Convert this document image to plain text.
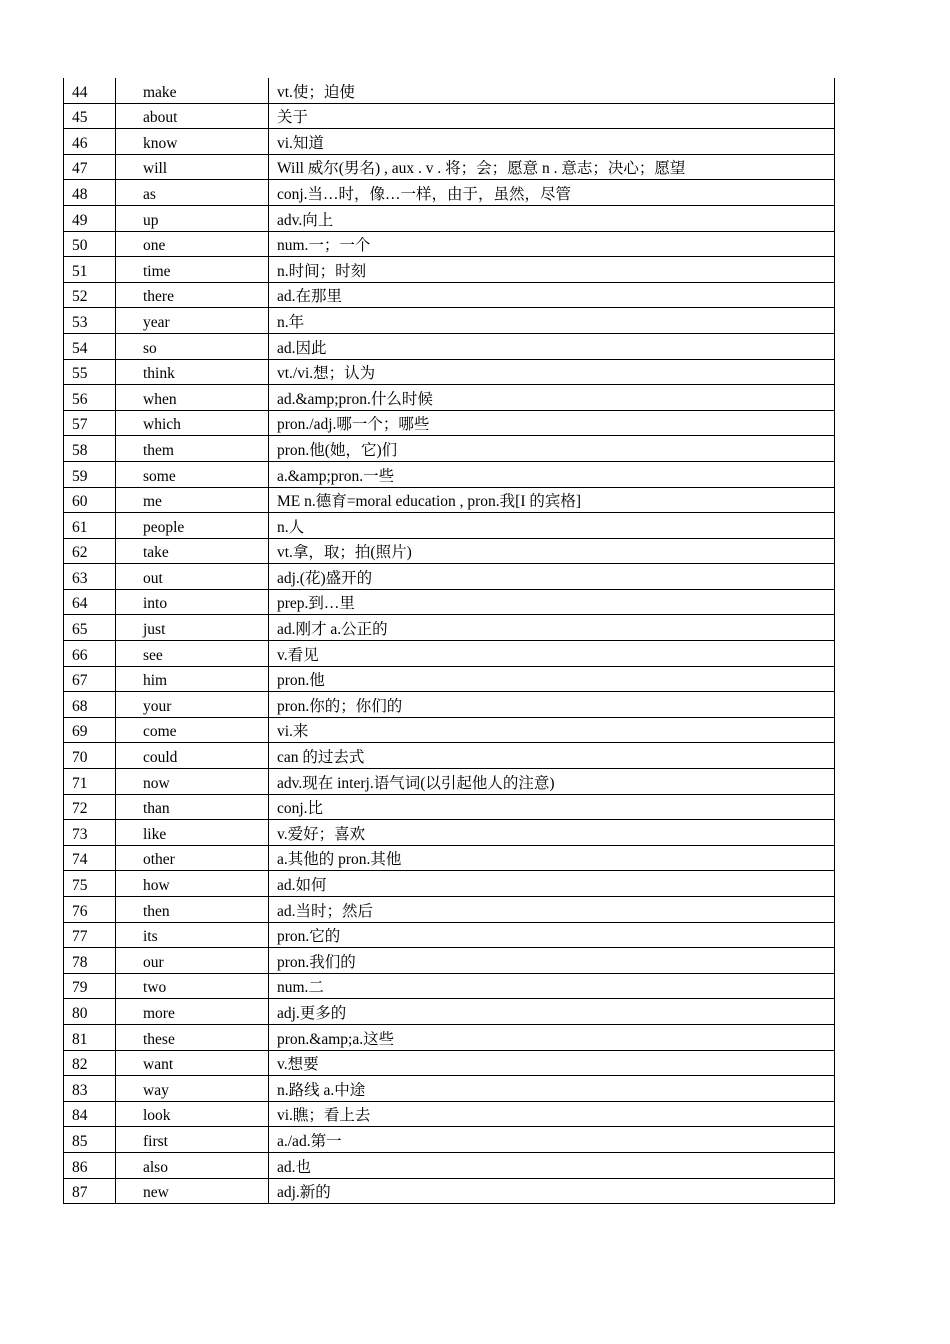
44	make	vt.使；迫使
45	about	关于
46	know	vi.知道
47	will	Will 威尔(男名) , aux . v . 将；会；愿意 n . 意志；决心；愿望
48	as	conj.当…时，像…一样，由于，虽然，尽管
49	up	adv.向上
50	one	num.一；一个
51	time	n.时间；时刻
52	there	ad.在那里
53	year	n.年
54	so	ad.因此
55	think	vt./vi.想；认为
56	when	ad.&amp;pron.什么时候
57	which	pron./adj.哪一个；哪些
58	them	pron.他(她，它)们
59	some	a.&amp;pron.一些
60	me	ME n.德育=moral education , pron.我[I 的宾格]
61	people	n.人
62	take	vt.拿，取；拍(照片)
63	out	adj.(花)盛开的
64	into	prep.到…里
65	just	ad.刚才 a.公正的
66	see	v.看见
67	him	pron.他
68	your	pron.你的；你们的
69	come	vi.来
70	could	can 的过去式
71	now	adv.现在 interj.语气词(以引起他人的注意)
72	than	conj.比
73	like	v.爱好；喜欢
74	other	a.其他的 pron.其他
75	how	ad.如何
76	then	ad.当时；然后
77	its	pron.它的
78	our	pron.我们的
79	two	num.二
80	more	adj.更多的
81	these	pron.&amp;a.这些
82	want	v.想要
83	way	n.路线 a.中途
84	look	vi.瞧；看上去
85	first	a./ad.第一
86	also	ad.也
87	new	adj.新的
